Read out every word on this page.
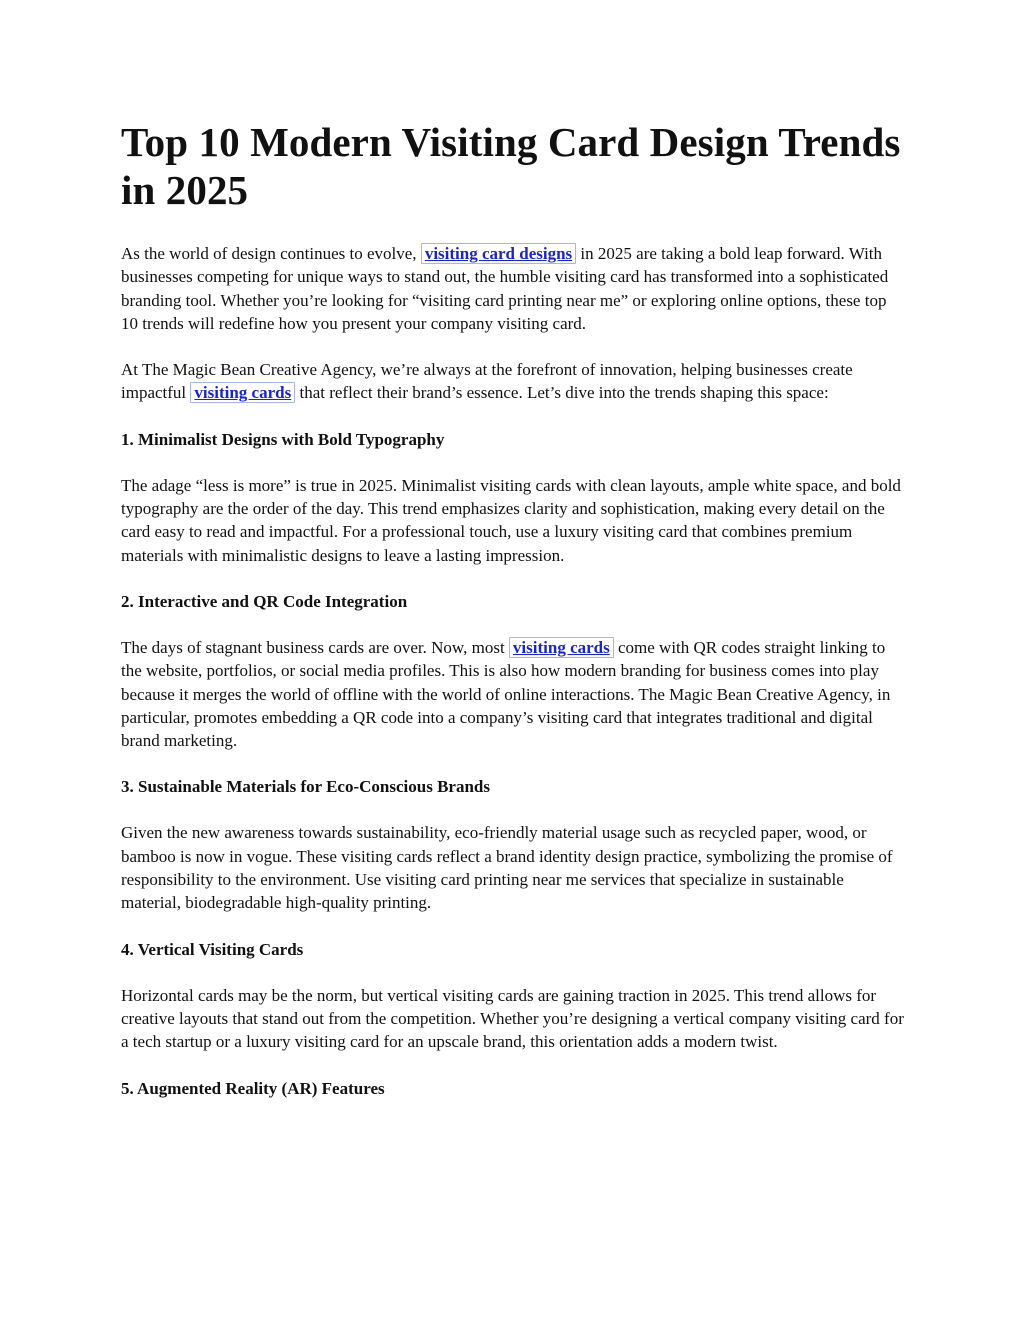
Top 10 Modern Visiting Card Design Trends in 2025

As the world of design continues to evolve, visiting card designs in 2025 are taking a bold leap forward. With businesses competing for unique ways to stand out, the humble visiting card has transformed into a sophisticated branding tool. Whether you’re looking for “visiting card printing near me” or exploring online options, these top 10 trends will redefine how you present your company visiting card.

At The Magic Bean Creative Agency, we’re always at the forefront of innovation, helping businesses create impactful visiting cards that reflect their brand’s essence. Let’s dive into the trends shaping this space:

1. Minimalist Designs with Bold Typography

The adage “less is more” is true in 2025. Minimalist visiting cards with clean layouts, ample white space, and bold typography are the order of the day. This trend emphasizes clarity and sophistication, making every detail on the card easy to read and impactful. For a professional touch, use a luxury visiting card that combines premium materials with minimalistic designs to leave a lasting impression.

2. Interactive and QR Code Integration

The days of stagnant business cards are over. Now, most visiting cards come with QR codes straight linking to the website, portfolios, or social media profiles. This is also how modern branding for business comes into play because it merges the world of offline with the world of online interactions. The Magic Bean Creative Agency, in particular, promotes embedding a QR code into a company’s visiting card that integrates traditional and digital brand marketing.

3. Sustainable Materials for Eco-Conscious Brands

Given the new awareness towards sustainability, eco-friendly material usage such as recycled paper, wood, or bamboo is now in vogue. These visiting cards reflect a brand identity design practice, symbolizing the promise of responsibility to the environment. Use visiting card printing near me services that specialize in sustainable material, biodegradable high-quality printing.

4. Vertical Visiting Cards

Horizontal cards may be the norm, but vertical visiting cards are gaining traction in 2025. This trend allows for creative layouts that stand out from the competition. Whether you’re designing a vertical company visiting card for a tech startup or a luxury visiting card for an upscale brand, this orientation adds a modern twist.

5. Augmented Reality (AR) Features
